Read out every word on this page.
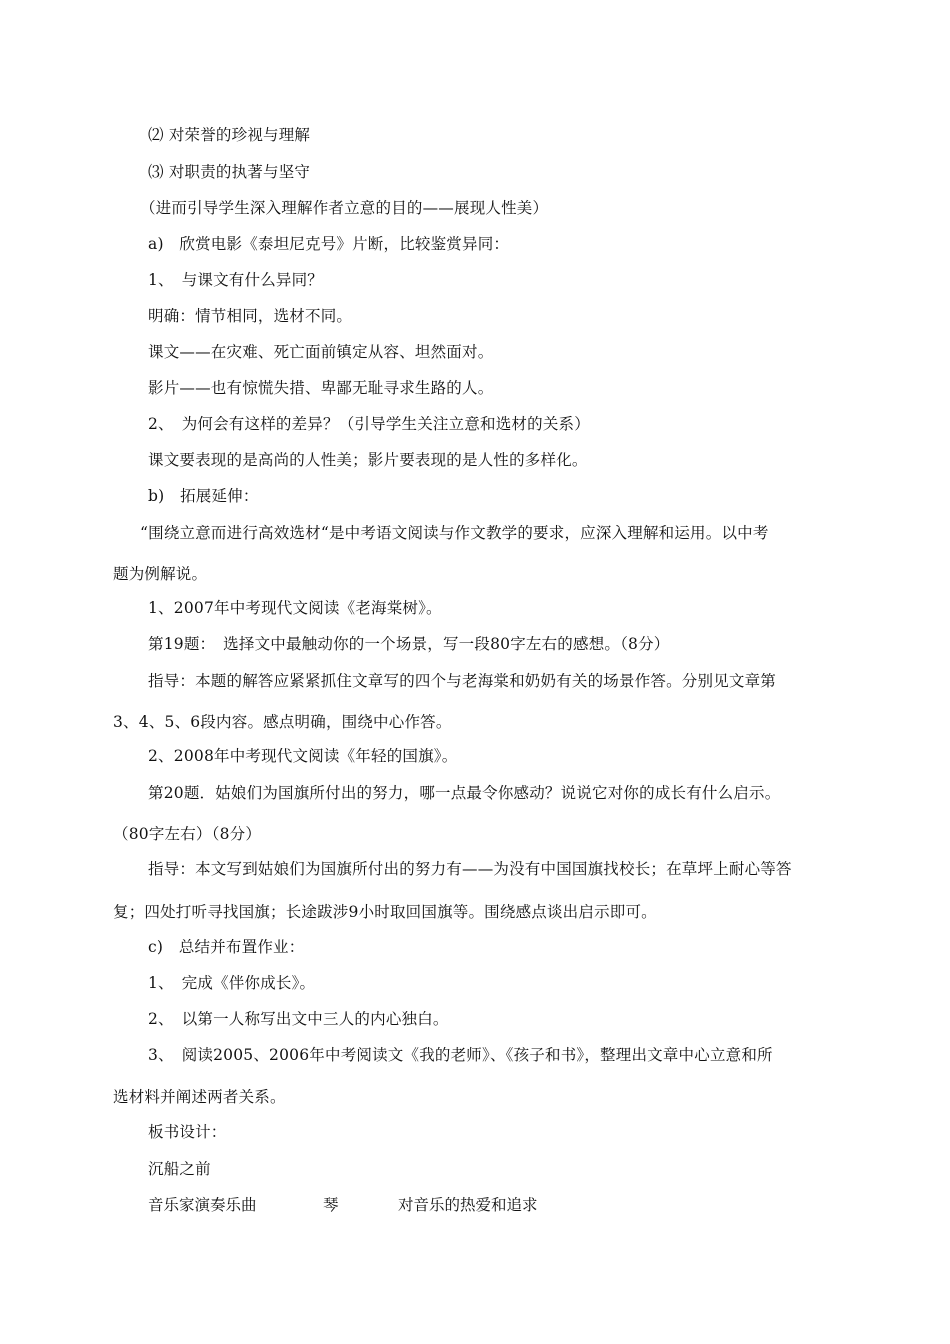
⑵ 对荣誉的珍视与理解
⑶ 对职责的执著与坚守
（进而引导学生深入理解作者立意的目的——展现人性美）
a)　欣赏电影《泰坦尼克号》片断，比较鉴赏异同：
1、　与课文有什么异同？
明确：情节相同，选材不同。
课文——在灾难、死亡面前镇定从容、坦然面对。
影片——也有惊慌失措、卑鄙无耻寻求生路的人。
2、　为何会有这样的差异？（引导学生关注立意和选材的关系）
课文要表现的是高尚的人性美；影片要表现的是人性的多样化。
b)　拓展延伸：
“围绕立意而进行高效选材“是中考语文阅读与作文教学的要求，应深入理解和运用。以中考
题为例解说。
1、2007年中考现代文阅读《老海棠树》。
第19题：　选择文中最触动你的一个场景，写一段80字左右的感想。（8分）
指导：本题的解答应紧紧抓住文章写的四个与老海棠和奶奶有关的场景作答。分别见文章第
3、4、5、6段内容。感点明确，围绕中心作答。
2、2008年中考现代文阅读《年轻的国旗》。
第20题．姑娘们为国旗所付出的努力，哪一点最令你感动？说说它对你的成长有什么启示。
（80字左右）（8分）
指导：本文写到姑娘们为国旗所付出的努力有——为没有中国国旗找校长；在草坪上耐心等答
复；四处打听寻找国旗；长途跋涉9小时取回国旗等。围绕感点谈出启示即可。
c)　总结并布置作业：
1、　完成《伴你成长》。
2、　以第一人称写出文中三人的内心独白。
3、　阅读2005、2006年中考阅读文《我的老师》、《孩子和书》，整理出文章中心立意和所
选材料并阐述两者关系。
板书设计：
沉船之前
音乐家演奏乐曲	琴	对音乐的热爱和追求
